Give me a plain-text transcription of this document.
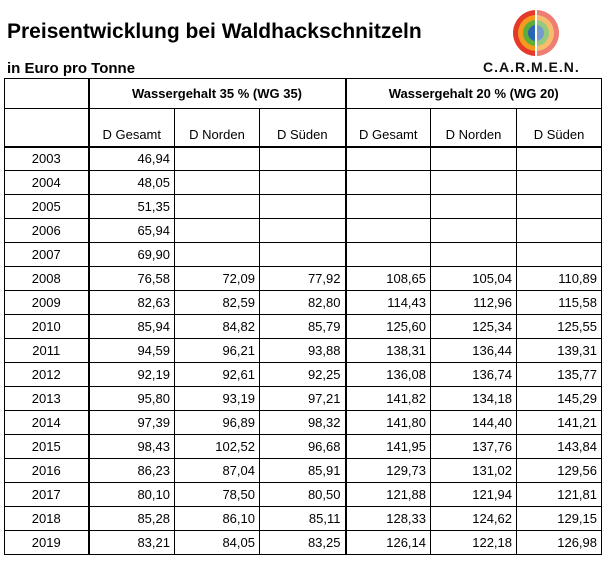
Preisentwicklung bei Waldhackschnitzeln
in Euro pro Tonne	C.A.R.M.E.N.
	Wassergehalt 35 % (WG 35)			Wassergehalt 20 % (WG 20)		
	D Gesamt	D Norden	D Süden	D Gesamt	D Norden	D Süden
2003	46,94					
2004	48,05					
2005	51,35					
2006	65,94					
2007	69,90					
2008	76,58	72,09	77,92	108,65	105,04	110,89
2009	82,63	82,59	82,80	114,43	112,96	115,58
2010	85,94	84,82	85,79	125,60	125,34	125,55
2011	94,59	96,21	93,88	138,31	136,44	139,31
2012	92,19	92,61	92,25	136,08	136,74	135,77
2013	95,80	93,19	97,21	141,82	134,18	145,29
2014	97,39	96,89	98,32	141,80	144,40	141,21
2015	98,43	102,52	96,68	141,95	137,76	143,84
2016	86,23	87,04	85,91	129,73	131,02	129,56
2017	80,10	78,50	80,50	121,88	121,94	121,81
2018	85,28	86,10	85,11	128,33	124,62	129,15
2019	83,21	84,05	83,25	126,14	122,18	126,98
